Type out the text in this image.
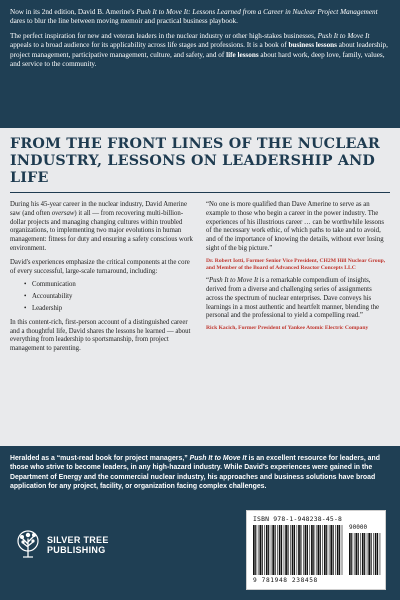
Now in its 2nd edition, David B. Amerine's Push It to Move It: Lessons Learned from a Career in Nuclear Project Management dares to blur the line between moving memoir and practical business playbook.

The perfect inspiration for new and veteran leaders in the nuclear industry or other high-stakes businesses, Push It to Move It appeals to a broad audience for its applicability across life stages and professions. It is a book of business lessons about leadership, project management, participative management, culture, and safety, and of life lessons about hard work, deep love, family, values, and service to the community.

FROM THE FRONT LINES OF THE NUCLEAR INDUSTRY, LESSONS ON LEADERSHIP AND LIFE

During his 45-year career in the nuclear industry, David Amerine saw (and often oversaw) it all — from recovering multi-billion-dollar projects and managing changing cultures within troubled organizations, to implementing two major evolutions in human management: fitness for duty and ensuring a safety conscious work environment.

David's experiences emphasize the critical components at the core of every successful, large-scale turnaround, including:

• Communication
• Accountability
• Leadership

In this content-rich, first-person account of a distinguished career and a thoughtful life, David shares the lessons he learned — about everything from leadership to sportsmanship, from project management to parenting.

“No one is more qualified than Dave Amerine to serve as an example to those who begin a career in the power industry. The experiences of his illustrious career … can be worthwhile lessons of the necessary work ethic, of which paths to take and to avoid, and of the importance of knowing the details, without ever losing sight of the big picture.”

Dr. Robert Iotti, Former Senior Vice President, CH2M Hill Nuclear Group, and Member of the Board of Advanced Reactor Concepts LLC

“Push It to Move It is a remarkable compendium of insights, derived from a diverse and challenging series of assignments across the spectrum of nuclear enterprises. Dave conveys his learnings in a most authentic and heartfelt manner, blending the personal and the professional to yield a compelling read.”

Rick Kacich, Former President of Yankee Atomic Electric Company

Heralded as a “must-read book for project managers,” Push It to Move It is an excellent resource for leaders, and those who strive to become leaders, in any high-hazard industry. While David's experiences were gained in the Department of Energy and the commercial nuclear industry, his approaches and business solutions have broad application for any project, facility, or organization facing complex challenges.

SILVER TREE
PUBLISHING
ISBN 978-1-948238-45-8
90000
9 781948 238458
